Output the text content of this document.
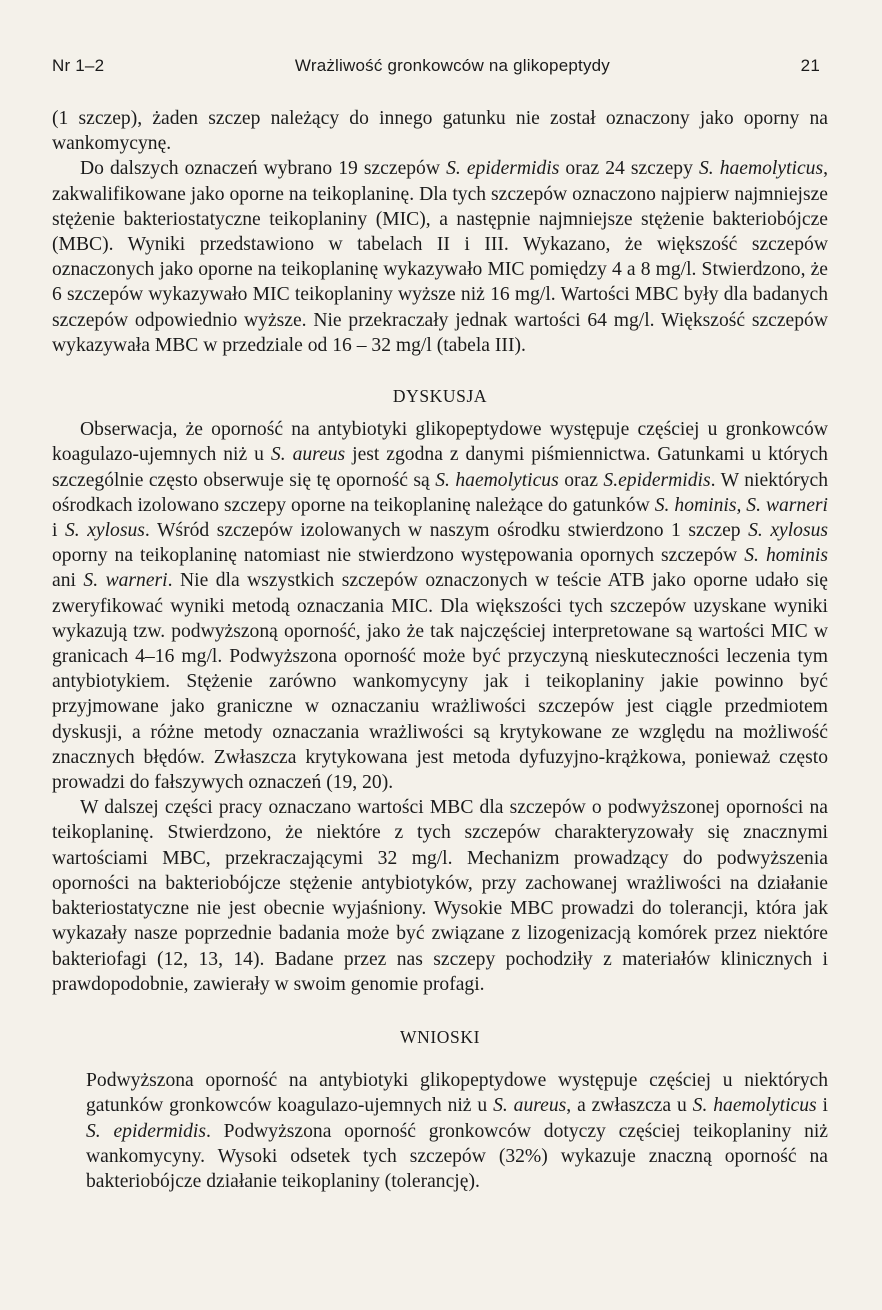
Nr 1–2	Wrażliwość gronkowców na glikopeptydy	21

(1 szczep), żaden szczep należący do innego gatunku nie został oznaczony jako oporny na wankomycynę.

Do dalszych oznaczeń wybrano 19 szczepów S. epidermidis oraz 24 szczepy S. haemolyticus, zakwalifikowane jako oporne na teikoplaninę. Dla tych szczepów oznaczono najpierw najmniejsze stężenie bakteriostatyczne teikoplaniny (MIC), a następnie najmniejsze stężenie bakteriobójcze (MBC). Wyniki przedstawiono w tabelach II i III. Wykazano, że większość szczepów oznaczonych jako oporne na teikoplaninę wykazywało MIC pomiędzy 4 a 8 mg/l. Stwierdzono, że 6 szczepów wykazywało MIC teikoplaniny wyższe niż 16 mg/l. Wartości MBC były dla badanych szczepów odpowiednio wyższe. Nie przekraczały jednak wartości 64 mg/l. Większość szczepów wykazywała MBC w przedziale od 16 – 32 mg/l (tabela III).

DYSKUSJA

Obserwacja, że oporność na antybiotyki glikopeptydowe występuje częściej u gronkowców koagulazo-ujemnych niż u S. aureus jest zgodna z danymi piśmiennictwa. Gatunkami u których szczególnie często obserwuje się tę oporność są S. haemolyticus oraz S.epidermidis. W niektórych ośrodkach izolowano szczepy oporne na teikoplaninę należące do gatunków S. hominis, S. warneri i S. xylosus. Wśród szczepów izolowanych w naszym ośrodku stwierdzono 1 szczep S. xylosus oporny na teikoplaninę natomiast nie stwierdzono występowania opornych szczepów S. hominis ani S. warneri. Nie dla wszystkich szczepów oznaczonych w teście ATB jako oporne udało się zweryfikować wyniki metodą oznaczania MIC. Dla większości tych szczepów uzyskane wyniki wykazują tzw. podwyższoną oporność, jako że tak najczęściej interpretowane są wartości MIC w granicach 4–16 mg/l. Podwyższona oporność może być przyczyną nieskuteczności leczenia tym antybiotykiem. Stężenie zarówno wankomycyny jak i teikoplaniny jakie powinno być przyjmowane jako graniczne w oznaczaniu wrażliwości szczepów jest ciągle przedmiotem dyskusji, a różne metody oznaczania wrażliwości są krytykowane ze względu na możliwość znacznych błędów. Zwłaszcza krytykowana jest metoda dyfuzyjno-krążkowa, ponieważ często prowadzi do fałszywych oznaczeń (19, 20).

W dalszej części pracy oznaczano wartości MBC dla szczepów o podwyższonej oporności na teikoplaninę. Stwierdzono, że niektóre z tych szczepów charakteryzowały się znacznymi wartościami MBC, przekraczającymi 32 mg/l. Mechanizm prowadzący do podwyższenia oporności na bakteriobójcze stężenie antybiotyków, przy zachowanej wrażliwości na działanie bakteriostatyczne nie jest obecnie wyjaśniony. Wysokie MBC prowadzi do tolerancji, która jak wykazały nasze poprzednie badania może być związane z lizogenizacją komórek przez niektóre bakteriofagi (12, 13, 14). Badane przez nas szczepy pochodziły z materiałów klinicznych i prawdopodobnie, zawierały w swoim genomie profagi.

WNIOSKI

Podwyższona oporność na antybiotyki glikopeptydowe występuje częściej u niektórych gatunków gronkowców koagulazo-ujemnych niż u S. aureus, a zwłaszcza u S. haemolyticus i S. epidermidis. Podwyższona oporność gronkowców dotyczy częściej teikoplaniny niż wankomycyny. Wysoki odsetek tych szczepów (32%) wykazuje znaczną oporność na bakteriobójcze działanie teikoplaniny (tolerancję).
